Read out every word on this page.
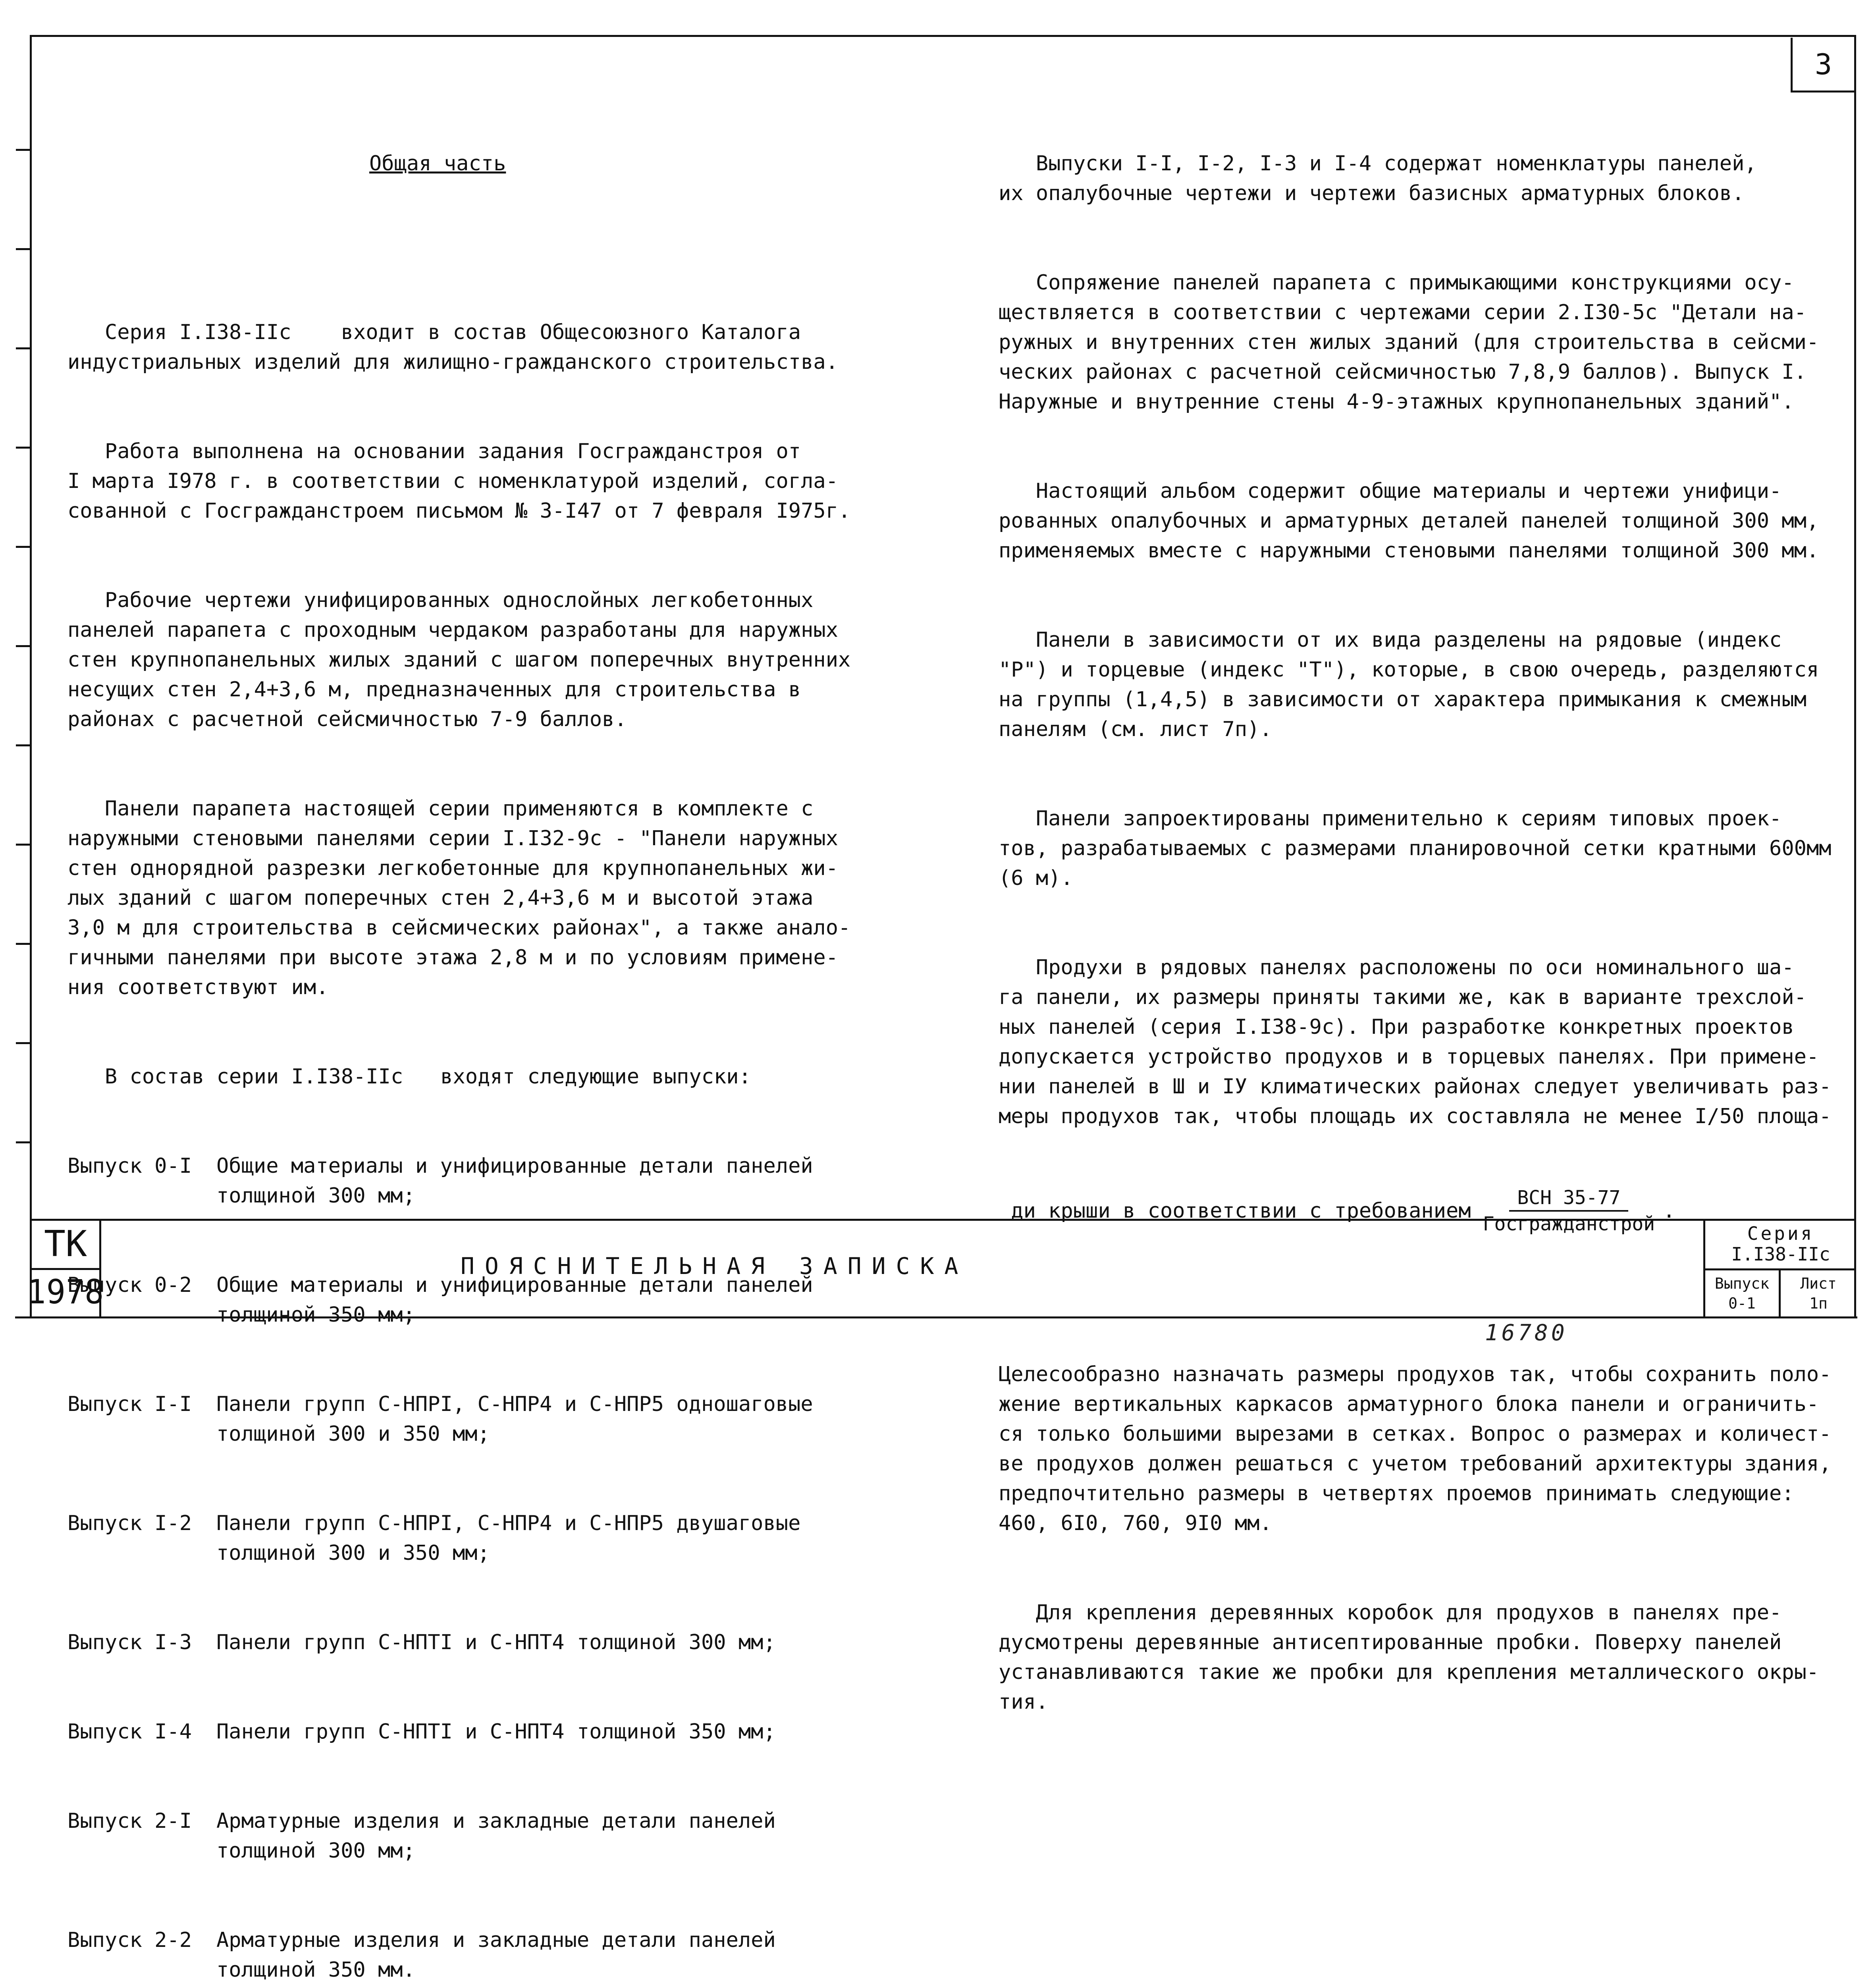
3

Общая часть

Серия I.I38-IIc    входит в состав Общесоюзного Каталога
индустриальных изделий для жилищно-гражданского строительства.

Работа выполнена на основании задания Госгражданстроя от
I марта I978 г. в соответствии с номенклатурой изделий, согла-
сованной с Госгражданстроем письмом № 3-I47 от 7 февраля I975г.

Рабочие чертежи унифицированных однослойных легкобетонных
панелей парапета с проходным чердаком разработаны для наружных
стен крупнопанельных жилых зданий с шагом поперечных внутренних
несущих стен 2,4+3,6 м, предназначенных для строительства в
районах с расчетной сейсмичностью 7-9 баллов.

Панели парапета настоящей серии применяются в комплекте с
наружными стеновыми панелями серии I.I32-9с - "Панели наружных
стен однорядной разрезки легкобетонные для крупнопанельных жи-
лых зданий с шагом поперечных стен 2,4+3,6 м и высотой этажа
3,0 м для строительства в сейсмических районах", а также анало-
гичными панелями при высоте этажа 2,8 м и по условиям примене-
ния соответствуют им.

В состав серии I.I38-IIc   входят следующие выпуски:

Выпуск 0-I	Общие материалы и унифицированные детали панелей
толщиной 300 мм;

Выпуск 0-2	Общие материалы и унифицированные детали панелей
толщиной 350 мм;

Выпуск I-I	Панели групп С-НПРI, С-НПР4 и С-НПР5 одношаговые
толщиной 300 и 350 мм;

Выпуск I-2	Панели групп С-НПРI, С-НПР4 и С-НПР5 двушаговые
толщиной 300 и 350 мм;

Выпуск I-3	Панели групп С-НПТI и С-НПТ4 толщиной 300 мм;

Выпуск I-4	Панели групп С-НПТI и С-НПТ4 толщиной 350 мм;

Выпуск 2-I	Арматурные изделия и закладные детали панелей
толщиной 300 мм;

Выпуск 2-2	Арматурные изделия и закладные детали панелей
толщиной 350 мм.

Выпуски I-I, I-2, I-3 и I-4 содержат номенклатуры панелей,
их опалубочные чертежи и чертежи базисных арматурных блоков.

Сопряжение панелей парапета с примыкающими конструкциями осу-
ществляется в соответствии с чертежами серии 2.I30-5с "Детали на-
ружных и внутренних стен жилых зданий (для строительства в сейсми-
ческих районах с расчетной сейсмичностью 7,8,9 баллов). Выпуск I.
Наружные и внутренние стены 4-9-этажных крупнопанельных зданий".

Настоящий альбом содержит общие материалы и чертежи унифици-
рованных опалубочных и арматурных деталей панелей толщиной 300 мм,
применяемых вместе с наружными стеновыми панелями толщиной 300 мм.

Панели в зависимости от их вида разделены на рядовые (индекс
"Р") и торцевые (индекс "Т"), которые, в свою очередь, разделяются
на группы (1,4,5) в зависимости от характера примыкания к смежным
панелям (см. лист 7п).

Панели запроектированы применительно к сериям типовых проек-
тов, разрабатываемых с размерами планировочной сетки кратными 600мм
(6 м).

Продухи в рядовых панелях расположены по оси номинального ша-
га панели, их размеры приняты такими же, как в варианте трехслой-
ных панелей (серия I.I38-9с). При разработке конкретных проектов
допускается устройство продухов и в торцевых панелях. При примене-
нии панелей в Ш и IУ климатических районах следует увеличивать раз-
меры продухов так, чтобы площадь их составляла не менее I/50 площа-

ди крыши в соответствии с требованием $\frac{\text{ВСН 35-77}}{\text{Госгражданстрой}}$ .

Целесообразно назначать размеры продухов так, чтобы сохранить поло-
жение вертикальных каркасов арматурного блока панели и ограничить-
ся только большими вырезами в сетках. Вопрос о размерах и количест-
ве продухов должен решаться с учетом требований архитектуры здания,
предпочтительно размеры в четвертях проемов принимать следующие:
460, 6I0, 760, 9I0 мм.

Для крепления деревянных коробок для продухов в панелях пре-
дусмотрены деревянные антисептированные пробки. Поверху панелей
устанавливаются такие же пробки для крепления металлического окры-
тия.

ТК
1978
ПОЯСНИТЕЛЬНАЯ ЗАПИСКА
Серия
I.I38-IIc
Выпуск
0-1
Лист
1п
16780
